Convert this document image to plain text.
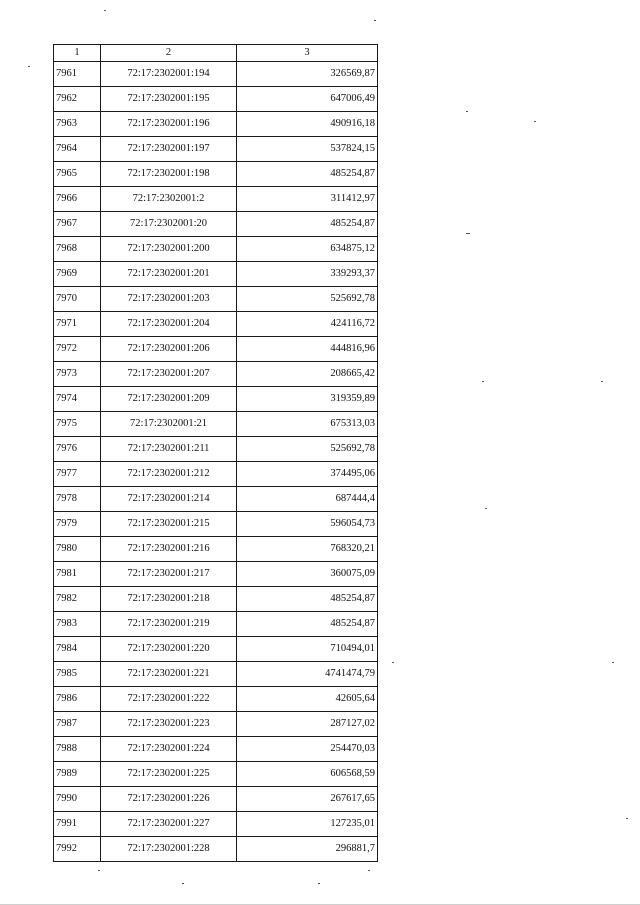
1	2	3
7961	72:17:2302001:194	326569,87
7962	72:17:2302001:195	647006,49
7963	72:17:2302001:196	490916,18
7964	72:17:2302001:197	537824,15
7965	72:17:2302001:198	485254,87
7966	72:17:2302001:2	311412,97
7967	72:17:2302001:20	485254,87
7968	72:17:2302001:200	634875,12
7969	72:17:2302001:201	339293,37
7970	72:17:2302001:203	525692,78
7971	72:17:2302001:204	424116,72
7972	72:17:2302001:206	444816,96
7973	72:17:2302001:207	208665,42
7974	72:17:2302001:209	319359,89
7975	72:17:2302001:21	675313,03
7976	72:17:2302001:211	525692,78
7977	72:17:2302001:212	374495,06
7978	72:17:2302001:214	687444,4
7979	72:17:2302001:215	596054,73
7980	72:17:2302001:216	768320,21
7981	72:17:2302001:217	360075,09
7982	72:17:2302001:218	485254,87
7983	72:17:2302001:219	485254,87
7984	72:17:2302001:220	710494,01
7985	72:17:2302001:221	4741474,79
7986	72:17:2302001:222	42605,64
7987	72:17:2302001:223	287127,02
7988	72:17:2302001:224	254470,03
7989	72:17:2302001:225	606568,59
7990	72:17:2302001:226	267617,65
7991	72:17:2302001:227	127235,01
7992	72:17:2302001:228	296881,7
